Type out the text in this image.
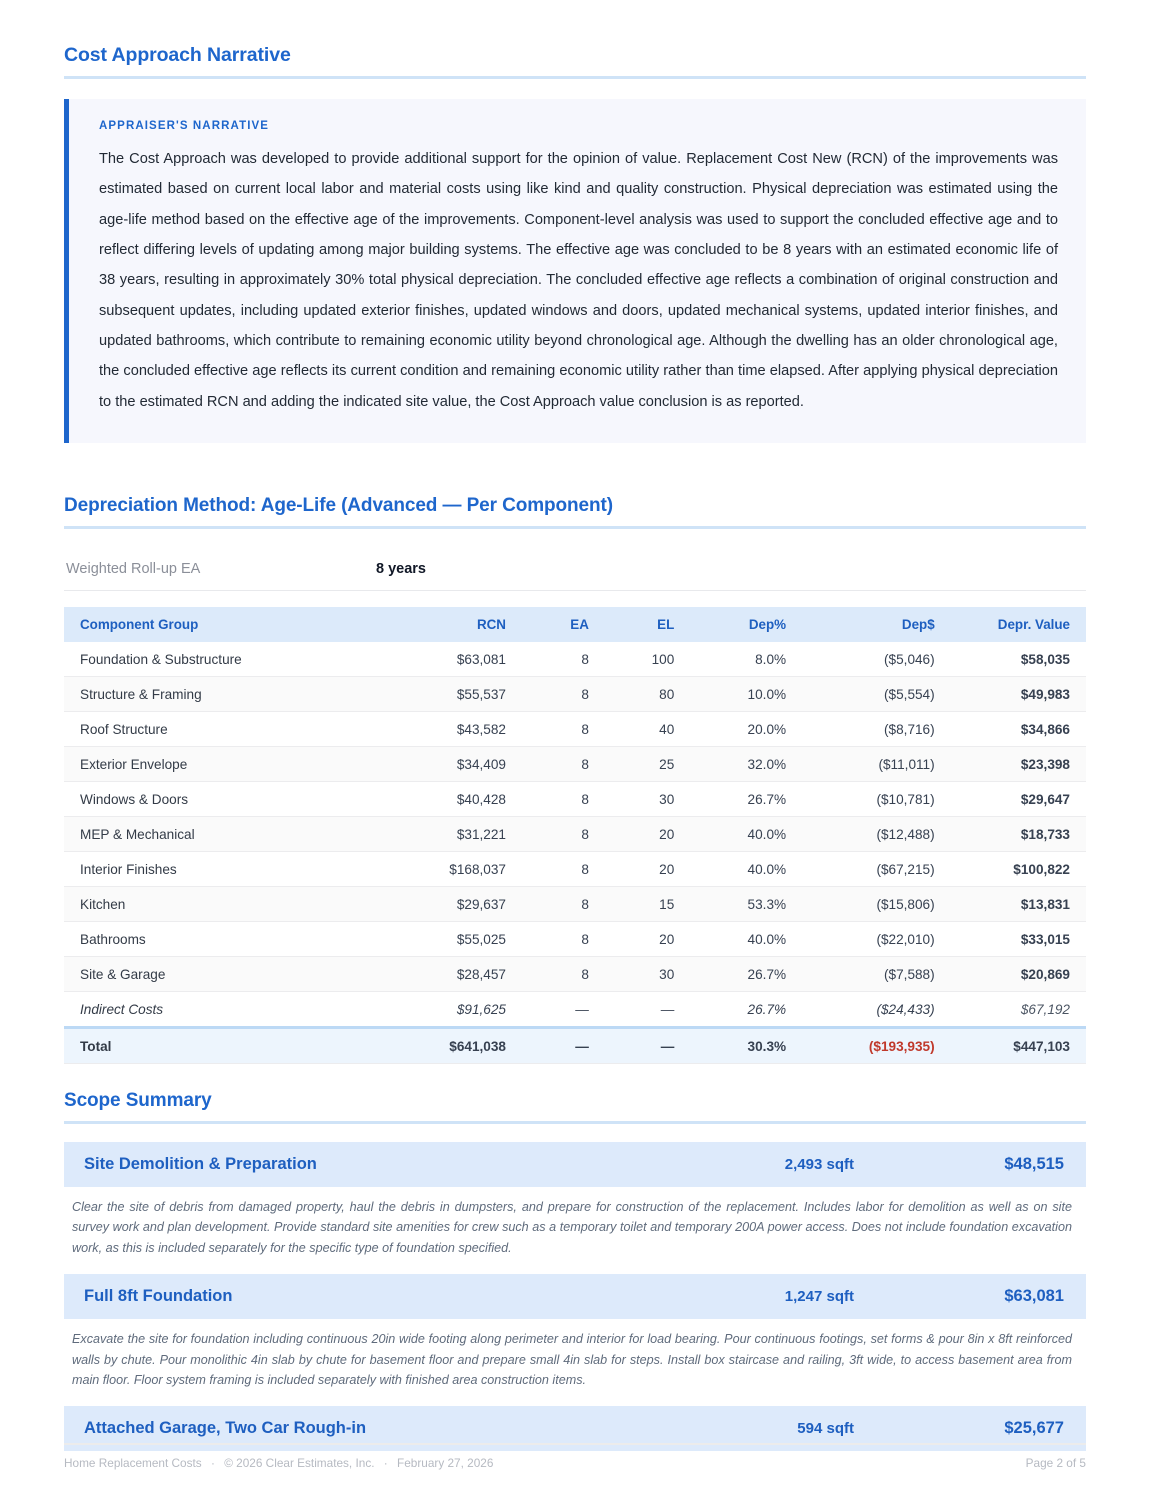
Cost Approach Narrative
APPRAISER'S NARRATIVE
The Cost Approach was developed to provide additional support for the opinion of value. Replacement Cost New (RCN) of the improvements was estimated based on current local labor and material costs using like kind and quality construction. Physical depreciation was estimated using the age-life method based on the effective age of the improvements. Component-level analysis was used to support the concluded effective age and to reflect differing levels of updating among major building systems. The effective age was concluded to be 8 years with an estimated economic life of 38 years, resulting in approximately 30% total physical depreciation. The concluded effective age reflects a combination of original construction and subsequent updates, including updated exterior finishes, updated windows and doors, updated mechanical systems, updated interior finishes, and updated bathrooms, which contribute to remaining economic utility beyond chronological age. Although the dwelling has an older chronological age, the concluded effective age reflects its current condition and remaining economic utility rather than time elapsed. After applying physical depreciation to the estimated RCN and adding the indicated site value, the Cost Approach value conclusion is as reported.
Depreciation Method: Age-Life (Advanced — Per Component)
Weighted Roll-up EA	8 years
Component Group	RCN	EA	EL	Dep%	Dep$	Depr. Value
Foundation & Substructure	$63,081	8	100	8.0%	($5,046)	$58,035
Structure & Framing	$55,537	8	80	10.0%	($5,554)	$49,983
Roof Structure	$43,582	8	40	20.0%	($8,716)	$34,866
Exterior Envelope	$34,409	8	25	32.0%	($11,011)	$23,398
Windows & Doors	$40,428	8	30	26.7%	($10,781)	$29,647
MEP & Mechanical	$31,221	8	20	40.0%	($12,488)	$18,733
Interior Finishes	$168,037	8	20	40.0%	($67,215)	$100,822
Kitchen	$29,637	8	15	53.3%	($15,806)	$13,831
Bathrooms	$55,025	8	20	40.0%	($22,010)	$33,015
Site & Garage	$28,457	8	30	26.7%	($7,588)	$20,869
Indirect Costs	$91,625	—	—	26.7%	($24,433)	$67,192
Total	$641,038	—	—	30.3%	($193,935)	$447,103
Scope Summary
Site Demolition & Preparation	2,493 sqft	$48,515
Clear the site of debris from damaged property, haul the debris in dumpsters, and prepare for construction of the replacement. Includes labor for demolition as well as on site survey work and plan development. Provide standard site amenities for crew such as a temporary toilet and temporary 200A power access. Does not include foundation excavation work, as this is included separately for the specific type of foundation specified.
Full 8ft Foundation	1,247 sqft	$63,081
Excavate the site for foundation including continuous 20in wide footing along perimeter and interior for load bearing. Pour continuous footings, set forms & pour 8in x 8ft reinforced walls by chute. Pour monolithic 4in slab by chute for basement floor and prepare small 4in slab for steps. Install box staircase and railing, 3ft wide, to access basement area from main floor. Floor system framing is included separately with finished area construction items.
Attached Garage, Two Car Rough-in	594 sqft	$25,677
Home Replacement Costs · © 2026 Clear Estimates, Inc. · February 27, 2026	Page 2 of 5
